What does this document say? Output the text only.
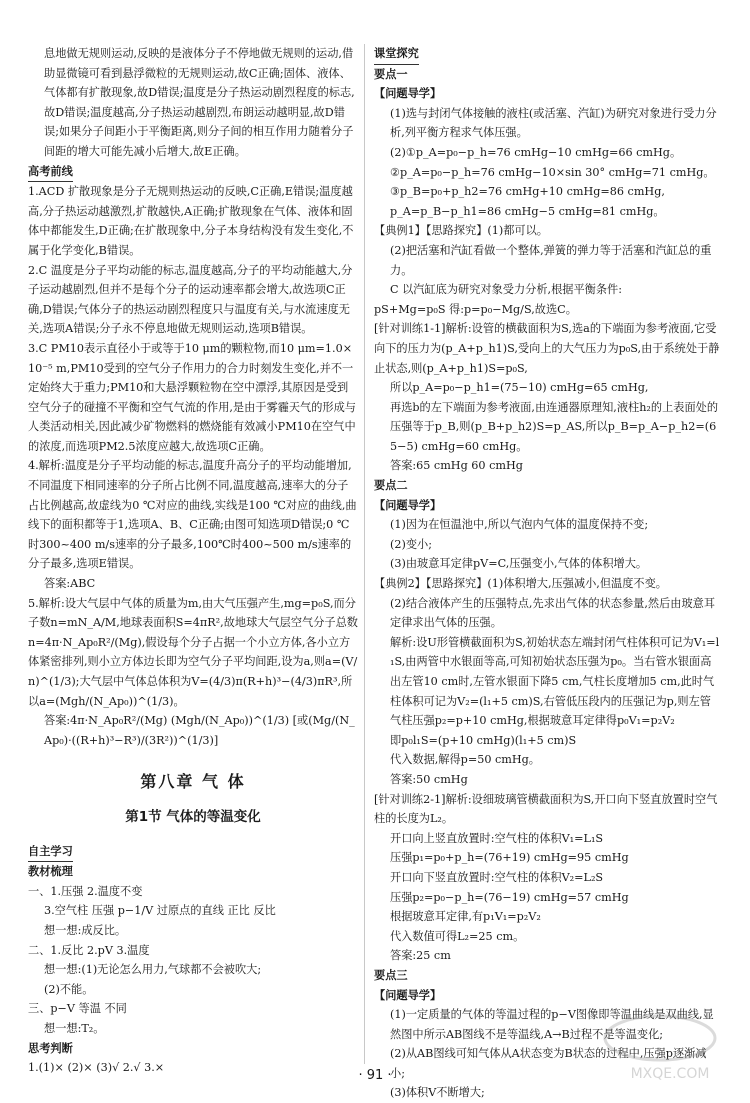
息地做无规则运动,反映的是液体分子不停地做无规则的运动,借助显微镜可看到悬浮微粒的无规则运动,故C正确;固体、液体、气体都有扩散现象,故D错误;温度是分子热运动剧烈程度的标志,故D错误;温度越高,分子热运动越剧烈,布朗运动越明显,故D错误;如果分子间距小于平衡距离,则分子间的相互作用力随着分子间距的增大可能先减小后增大,故E正确。
高考前线
1.ACD 扩散现象是分子无规则热运动的反映,C正确,E错误;温度越高,分子热运动越激烈,扩散越快,A正确;扩散现象在气体、液体和固体中都能发生,D正确;在扩散现象中,分子本身结构没有发生变化,不属于化学变化,B错误。
2.C 温度是分子平均动能的标志,温度越高,分子的平均动能越大,分子运动越剧烈,但并不是每个分子的运动速率都会增大,故选项C正确,D错误;气体分子的热运动剧烈程度只与温度有关,与水流速度无关,选项A错误;分子永不停息地做无规则运动,选项B错误。
3.C PM10表示直径小于或等于10 μm的颗粒物,而10 μm=1.0×10⁻⁵ m,PM10受到的空气分子作用力的合力时刻发生变化,并不一定始终大于重力;PM10和大悬浮颗粒物在空中漂浮,其原因是受到空气分子的碰撞不平衡和空气气流的作用,是由于雾霾天气的形成与人类活动相关,因此减少矿物燃料的燃烧能有效减小PM10在空气中的浓度,而选项PM2.5浓度应越大,故选项C正确。
4.解析:温度是分子平均动能的标志,温度升高分子的平均动能增加,不同温度下相同速率的分子所占比例不同,温度越高,速率大的分子占比例越高,故虚线为0 ℃对应的曲线,实线是100 ℃对应的曲线,曲线下的面积都等于1,选项A、B、C正确;由图可知选项D错误;0 ℃时300~400 m/s速率的分子最多,100℃时400~500 m/s速率的分子最多,选项E错误。
答案:ABC
5.解析:设大气层中气体的质量为m,由大气压强产生,mg=p₀S,而分子数n=mN_A/M,地球表面积S=4πR²,故地球大气层空气分子总数n=4π·N_Ap₀R²/(Mg),假设每个分子占据一个小立方体,各小立方体紧密排列,则小立方体边长即为空气分子平均间距,设为a,则a=(V/n)^(1/3);大气层中气体总体积为V=(4/3)π(R+h)³−(4/3)πR³,所以a=(Mgh/(N_Ap₀))^(1/3)。
答案:4π·N_Ap₀R²/(Mg) (Mgh/(N_Ap₀))^(1/3) [或(Mg/(N_Ap₀)·((R+h)³−R³)/(3R²))^(1/3)]
第八章 气 体
第1节 气体的等温变化
自主学习
教材梳理
一、1.压强 2.温度不变
3.空气柱 压强 p−1/V 过原点的直线 正比 反比
想一想:成反比。
二、1.反比 2.pV 3.温度
想一想:(1)无论怎么用力,气球都不会被吹大;
(2)不能。
三、p−V 等温 不同
想一想:T₂。
思考判断
1.(1)× (2)× (3)√ 2.√ 3.×
课堂探究
要点一
【问题导学】
(1)选与封闭气体接触的液柱(或活塞、汽缸)为研究对象进行受力分析,列平衡方程求气体压强。
(2)①p_A=p₀−p_h=76 cmHg−10 cmHg=66 cmHg。
②p_A=p₀−p_h=76 cmHg−10×sin 30° cmHg=71 cmHg。
③p_B=p₀+p_h2=76 cmHg+10 cmHg=86 cmHg,
p_A=p_B−p_h1=86 cmHg−5 cmHg=81 cmHg。
【典例1】【思路探究】(1)都可以。
(2)把活塞和汽缸看做一个整体,弹簧的弹力等于活塞和汽缸总的重力。
C 以汽缸底为研究对象受力分析,根据平衡条件:
pS+Mg=p₀S 得:p=p₀−Mg/S,故选C。
[针对训练1-1]解析:设管的横截面积为S,选a的下端面为参考液面,它受向下的压力为(p_A+p_h1)S,受向上的大气压力为p₀S,由于系统处于静止状态,则(p_A+p_h1)S=p₀S,
所以p_A=p₀−p_h1=(75−10) cmHg=65 cmHg,
再选b的左下端面为参考液面,由连通器原理知,液柱h₂的上表面处的压强等于p_B,则(p_B+p_h2)S=p_AS,所以p_B=p_A−p_h2=(65−5) cmHg=60 cmHg。
答案:65 cmHg 60 cmHg
要点二
【问题导学】
(1)因为在恒温池中,所以气泡内气体的温度保持不变;
(2)变小;
(3)由玻意耳定律pV=C,压强变小,气体的体积增大。
【典例2】【思路探究】(1)体积增大,压强减小,但温度不变。
(2)结合液体产生的压强特点,先求出气体的状态参量,然后由玻意耳定律求出气体的压强。
解析:设U形管横截面积为S,初始状态左端封闭气柱体积可记为V₁=l₁S,由两管中水银面等高,可知初始状态压强为p₀。当右管水银面高出左管10 cm时,左管水银面下降5 cm,气柱长度增加5 cm,此时气柱体积可记为V₂=(l₁+5 cm)S,右管低压段内的压强记为p,则左管气柱压强p₂=p+10 cmHg,根据玻意耳定律得p₀V₁=p₂V₂
即p₀l₁S=(p+10 cmHg)(l₁+5 cm)S
代入数据,解得p=50 cmHg。
答案:50 cmHg
[针对训练2-1]解析:设细玻璃管横截面积为S,开口向下竖直放置时空气柱的长度为L₂。
开口向上竖直放置时:空气柱的体积V₁=L₁S
压强p₁=p₀+p_h=(76+19) cmHg=95 cmHg
开口向下竖直放置时:空气柱的体积V₂=L₂S
压强p₂=p₀−p_h=(76−19) cmHg=57 cmHg
根据玻意耳定律,有p₁V₁=p₂V₂
代入数值可得L₂=25 cm。
答案:25 cm
要点三
【问题导学】
(1)一定质量的气体的等温过程的p−V图像即等温曲线是双曲线,显然图中所示AB图线不是等温线,A→B过程不是等温变化;
(2)从AB图线可知气体从A状态变为B状态的过程中,压强p逐渐减小;
(3)体积V不断增大;
· 91 ·	MXQE.COM
